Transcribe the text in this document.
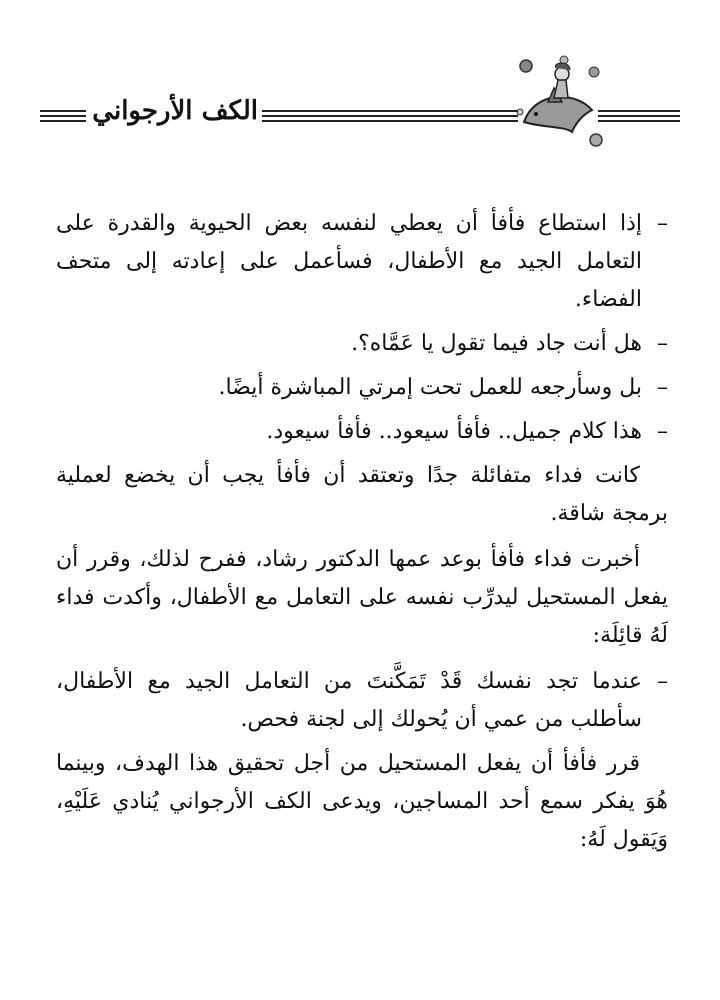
الكف الأرجواني

–
إذا استطاع فأفأ أن يعطي لنفسه بعض الحيوية والقدرة على التعامل الجيد مع الأطفال، فسأعمل على إعادته إلى متحف الفضاء.

–
هل أنت جاد فيما تقول يا عَمَّاه؟.

–
بل وسأرجعه للعمل تحت إمرتي المباشرة أيضًا.

–
هذا كلام جميل.. فأفأ سيعود.. فأفأ سيعود.

كانت فداء متفائلة جدًا وتعتقد أن فأفأ يجب أن يخضع لعملية برمجة شاقة.

أخبرت فداء فأفأ بوعد عمها الدكتور رشاد، ففرح لذلك، وقرر أن يفعل المستحيل ليدرِّب نفسه على التعامل مع الأطفال، وأكدت فداء لَهُ قائِلَة:

–
عندما تجد نفسك قَدْ تَمَكَّنتَ من التعامل الجيد مع الأطفال، سأطلب من عمي أن يُحولك إلى لجنة فحص.

قرر فأفأ أن يفعل المستحيل من أجل تحقيق هذا الهدف، وبينما هُوَ يفكر سمع أحد المساجين، ويدعى الكف الأرجواني يُنادي عَلَيْهِ، وَيَقول لَهُ:
